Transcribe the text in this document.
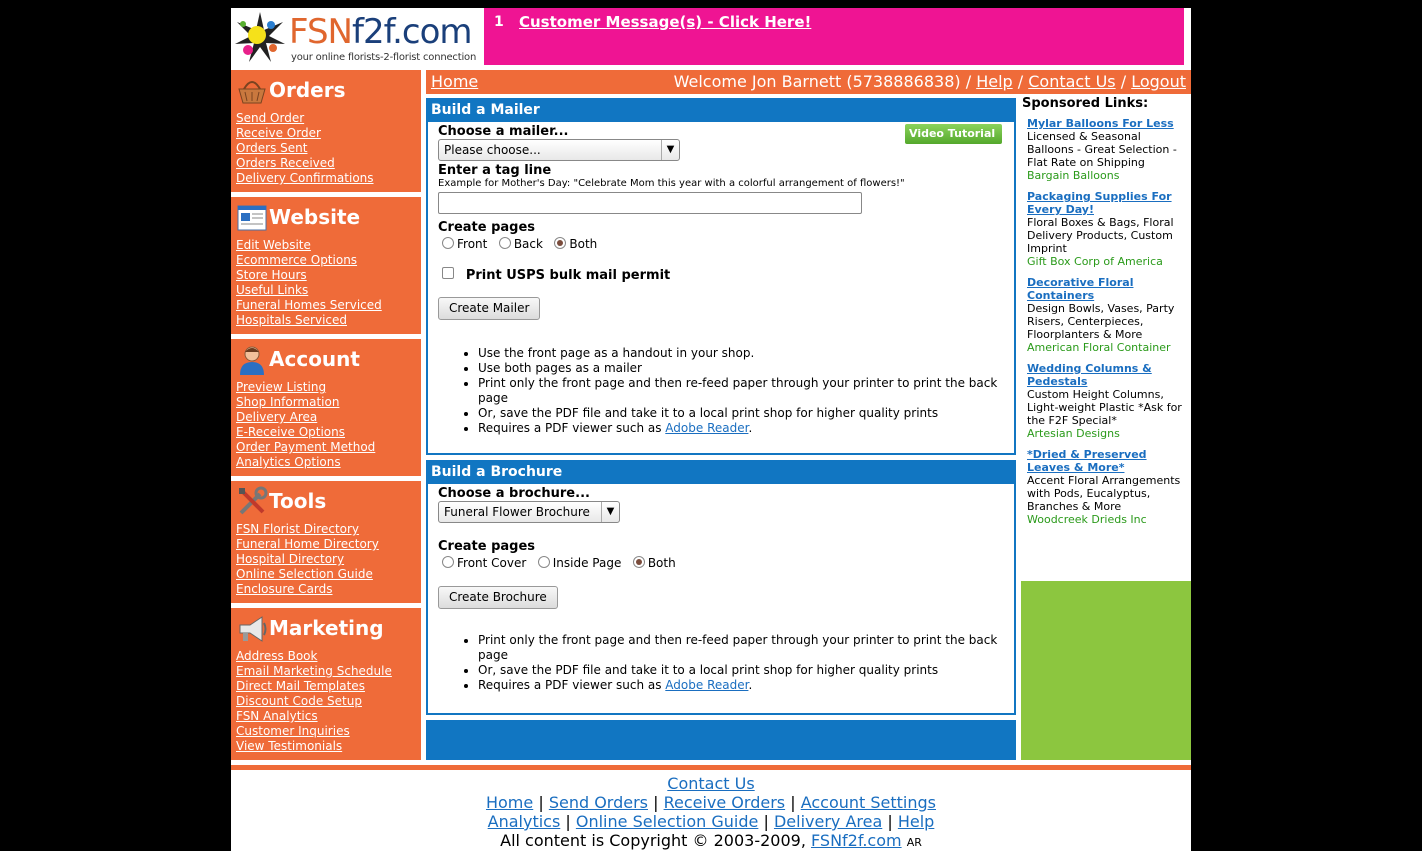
FSNf2f.com
your online florists-2-florist connection
1 Customer Message(s) - Click Here!
Orders
Send Order
Receive Order
Orders Sent
Orders Received
Delivery Confirmations
Website
Edit Website
Ecommerce Options
Store Hours
Useful Links
Funeral Homes Serviced
Hospitals Serviced
Account
Preview Listing
Shop Information
Delivery Area
E-Receive Options
Order Payment Method
Analytics Options
Tools
FSN Florist Directory
Funeral Home Directory
Hospital Directory
Online Selection Guide
Enclosure Cards
Marketing
Address Book
Email Marketing Schedule
Direct Mail Templates
Discount Code Setup
FSN Analytics
Customer Inquiries
View Testimonials
Home	Welcome Jon Barnett (5738886838) / Help / Contact Us / Logout
Build a Mailer
Video Tutorial ▩
Choose a mailer...
Please choose...	▼
Enter a tag line
Example for Mother's Day: "Celebrate Mom this year with a colorful arrangement of flowers!"
Create pages
Front Back Both
Print USPS bulk mail permit
Create Mailer
• Use the front page as a handout in your shop.
• Use both pages as a mailer
• Print only the front page and then re-feed paper through your printer to print the back page
• Or, save the PDF file and take it to a local print shop for higher quality prints
• Requires a PDF viewer such as Adobe Reader.
Build a Brochure
Choose a brochure...
Funeral Flower Brochure	▼
Create pages
Front Cover Inside Page Both
Create Brochure
• Print only the front page and then re-feed paper through your printer to print the back page
• Or, save the PDF file and take it to a local print shop for higher quality prints
• Requires a PDF viewer such as Adobe Reader.
Sponsored Links:
Mylar Balloons For Less
Licensed & Seasonal Balloons - Great Selection - Flat Rate on Shipping
Bargain Balloons
Packaging Supplies For Every Day!
Floral Boxes & Bags, Floral Delivery Products, Custom Imprint
Gift Box Corp of America
Decorative Floral Containers
Design Bowls, Vases, Party Risers, Centerpieces, Floorplanters & More
American Floral Container
Wedding Columns & Pedestals
Custom Height Columns, Light-weight Plastic *Ask for the F2F Special*
Artesian Designs
*Dried & Preserved Leaves & More*
Accent Floral Arrangements with Pods, Eucalyptus, Branches & More
Woodcreek Drieds Inc
Contact Us
Home | Send Orders | Receive Orders | Account Settings
Analytics | Online Selection Guide | Delivery Area | Help
All content is Copyright © 2003-2009, FSNf2f.com AR
